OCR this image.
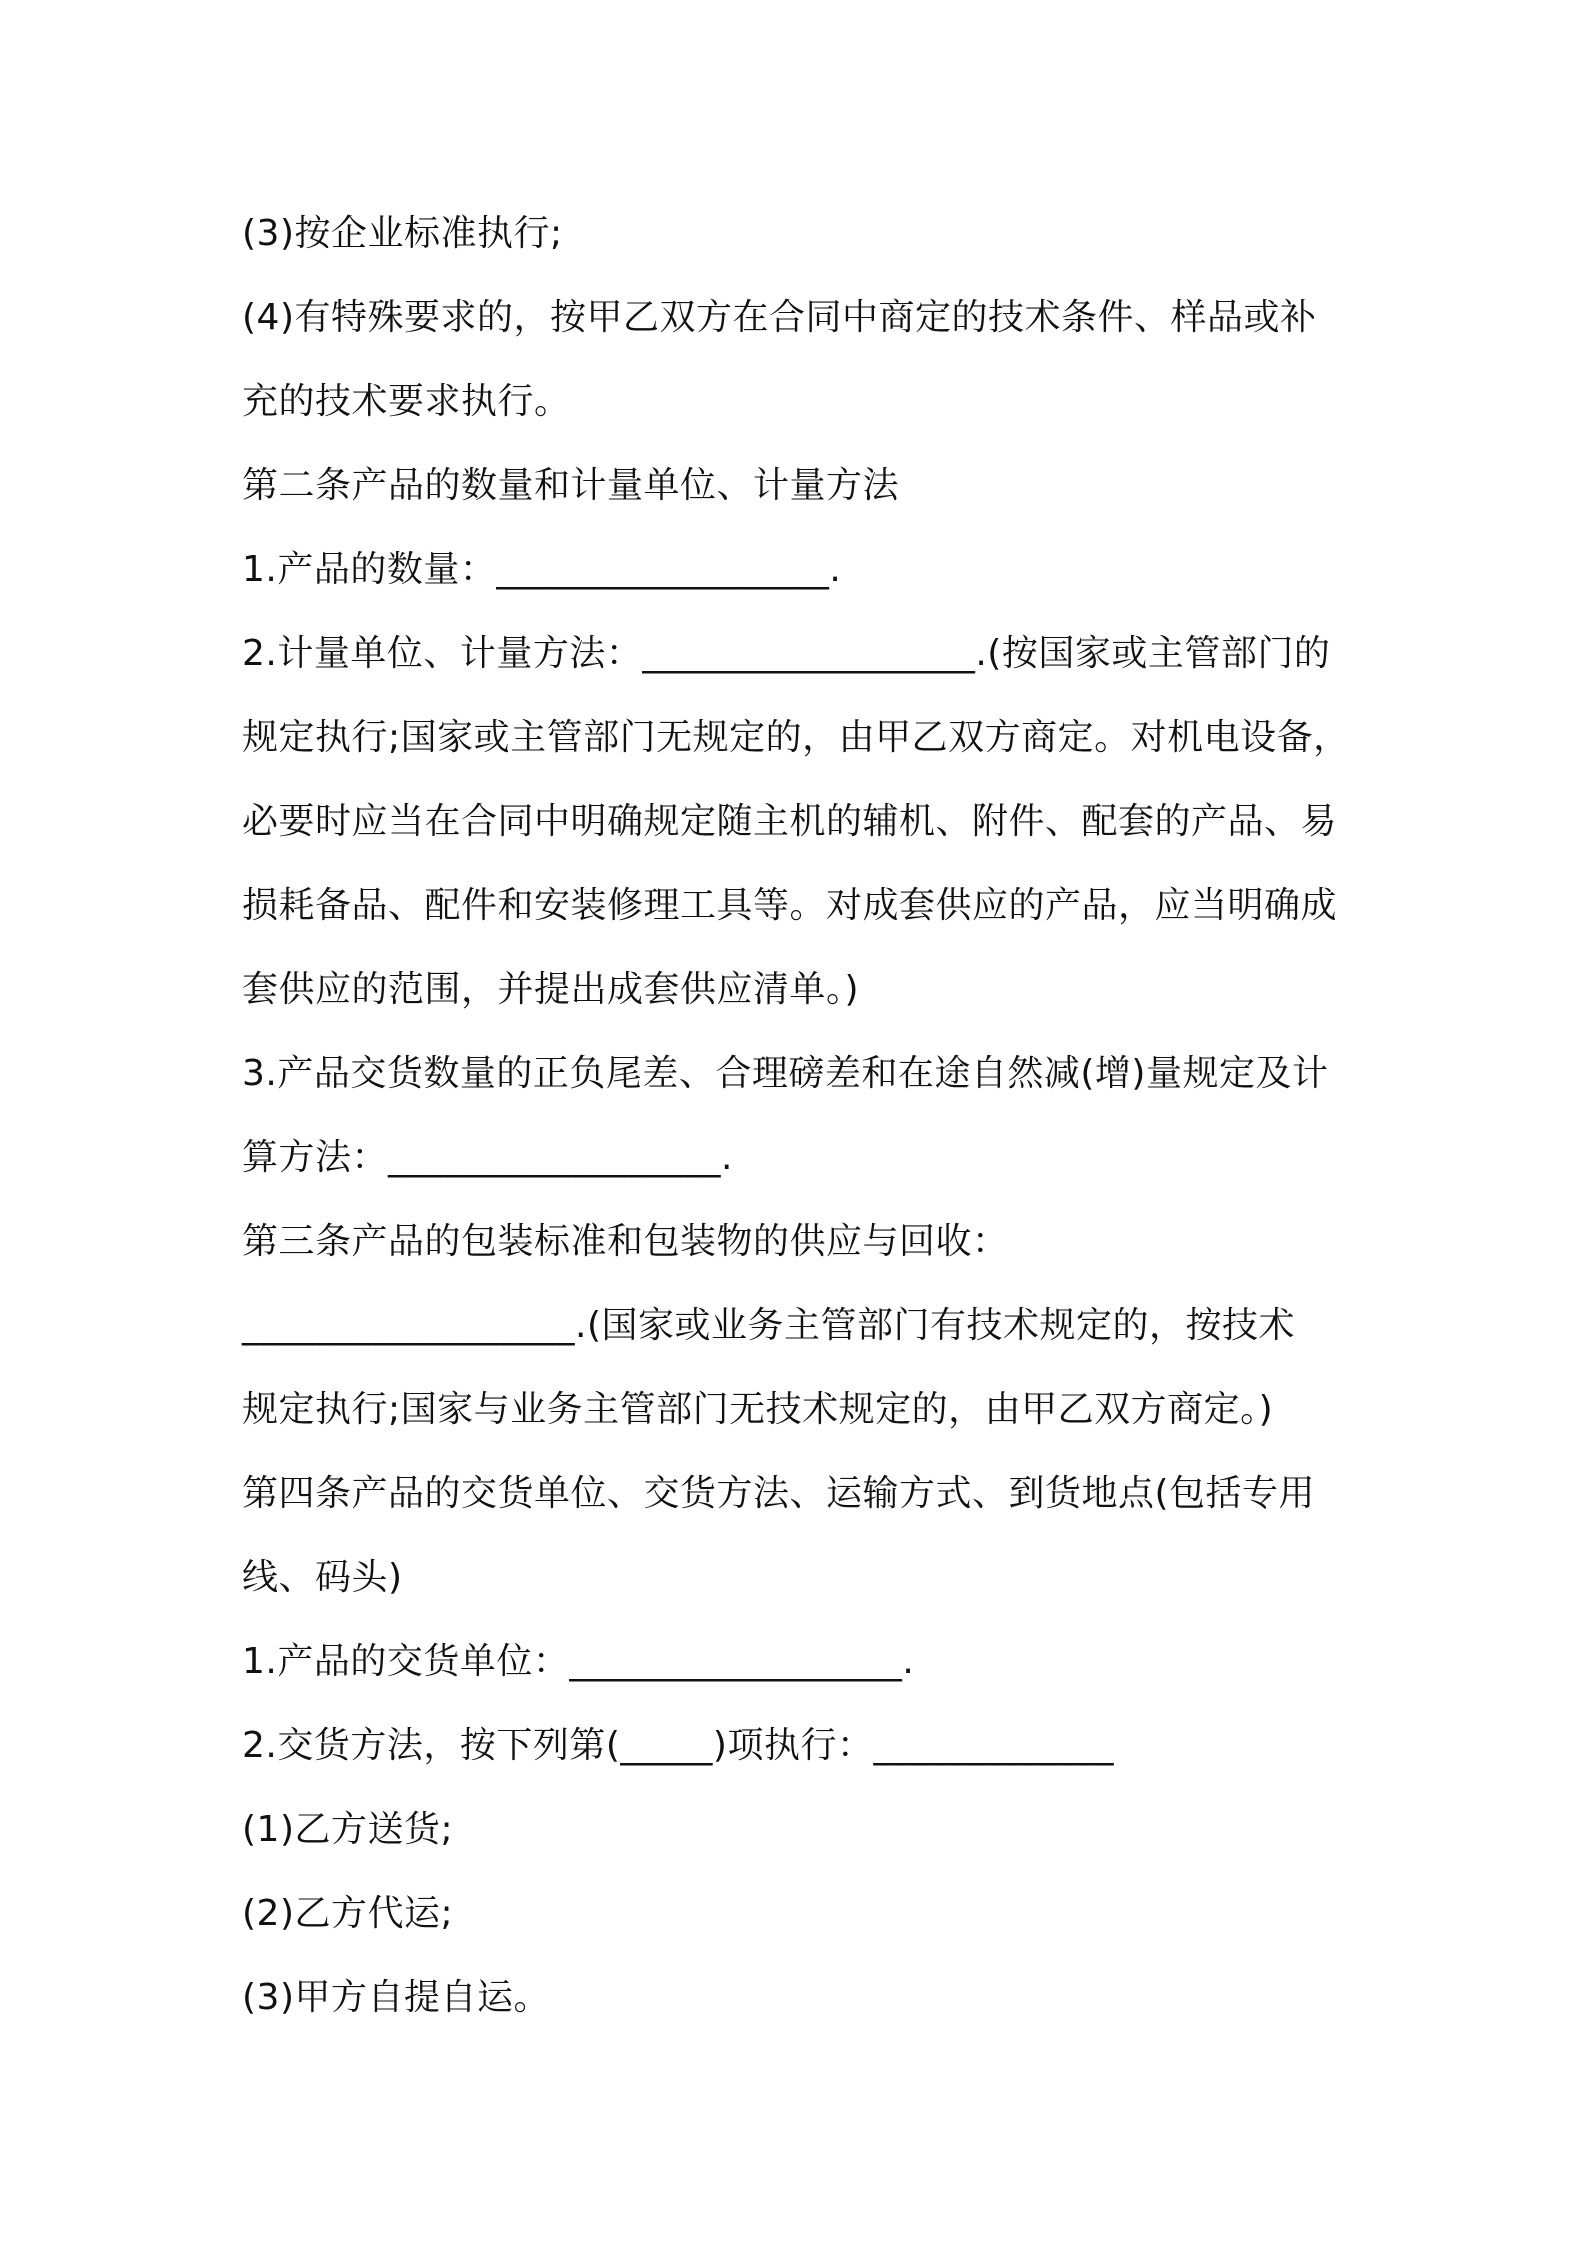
(3)按企业标准执行;
(4)有特殊要求的，按甲乙双方在合同中商定的技术条件、样品或补
充的技术要求执行。
第二条产品的数量和计量单位、计量方法
1.产品的数量：__________________.
2.计量单位、计量方法：__________________.(按国家或主管部门的
规定执行;国家或主管部门无规定的，由甲乙双方商定。对机电设备，
必要时应当在合同中明确规定随主机的辅机、附件、配套的产品、易
损耗备品、配件和安装修理工具等。对成套供应的产品，应当明确成
套供应的范围，并提出成套供应清单。)
3.产品交货数量的正负尾差、合理磅差和在途自然减(增)量规定及计
算方法：__________________.
第三条产品的包装标准和包装物的供应与回收：
__________________.(国家或业务主管部门有技术规定的，按技术
规定执行;国家与业务主管部门无技术规定的，由甲乙双方商定。)
第四条产品的交货单位、交货方法、运输方式、到货地点(包括专用
线、码头)
1.产品的交货单位：__________________.
2.交货方法，按下列第(_____)项执行：_____________
(1)乙方送货;
(2)乙方代运;
(3)甲方自提自运。
